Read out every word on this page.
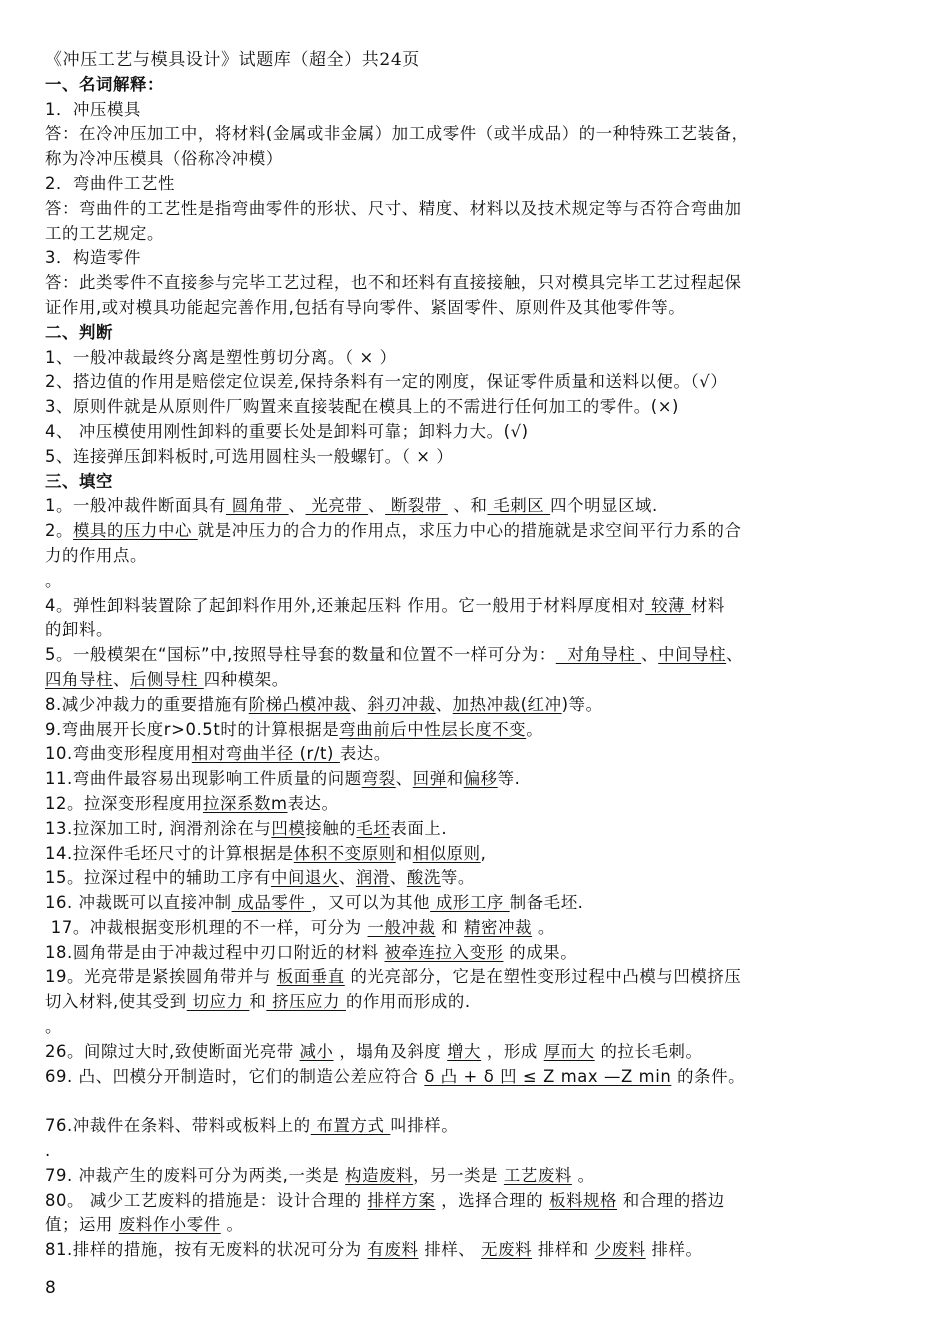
《冲压工艺与模具设计》试题库（超全）共24页
一、名词解释：
1．冲压模具
答：在冷冲压加工中，将材料(金属或非金属）加工成零件（或半成品）的一种特殊工艺装备，
称为冷冲压模具（俗称冷冲模）
2．弯曲件工艺性
答：弯曲件的工艺性是指弯曲零件的形状、尺寸、精度、材料以及技术规定等与否符合弯曲加
工的工艺规定。
3．构造零件
答：此类零件不直接参与完毕工艺过程，也不和坯料有直接接触，只对模具完毕工艺过程起保
证作用,或对模具功能起完善作用,包括有导向零件、紧固零件、原则件及其他零件等。
二、判断
1、一般冲裁最终分离是塑性剪切分离。（ × ）
2、搭边值的作用是赔偿定位误差,保持条料有一定的刚度，保证零件质量和送料以便。（√）
3、原则件就是从原则件厂购置来直接装配在模具上的不需进行任何加工的零件。(×)
4、 冲压模使用刚性卸料的重要长处是卸料可靠；卸料力大。(√)
5、连接弹压卸料板时,可选用圆柱头一般螺钉。（ × ）
三、填空
1。一般冲裁件断面具有 圆角带 、 光亮带 、 断裂带  、和 毛刺区 四个明显区域.
2。模具的压力中心 就是冲压力的合力的作用点，求压力中心的措施就是求空间平行力系的合
力的作用点。
。
4。弹性卸料装置除了起卸料作用外,还兼起压料 作用。它一般用于材料厚度相对 较薄 材料
的卸料。
5。一般模架在“国标”中,按照导柱导套的数量和位置不一样可分为：  对角导柱 、中间导柱、
四角导柱、后侧导柱 四种模架。
8.减少冲裁力的重要措施有阶梯凸模冲裁、斜刃冲裁、加热冲裁(红冲)等。
9.弯曲展开长度r>0.5t时的计算根据是弯曲前后中性层长度不变。
10.弯曲变形程度用相对弯曲半径 (r/t) 表达。
11.弯曲件最容易出现影响工件质量的问题弯裂、回弹和偏移等.
12。拉深变形程度用拉深系数m表达。
13.拉深加工时, 润滑剂涂在与凹模接触的毛坯表面上.
14.拉深件毛坯尺寸的计算根据是体积不变原则和相似原则,
15。拉深过程中的辅助工序有中间退火、润滑、酸洗等。
16. 冲裁既可以直接冲制 成品零件 ，又可以为其他 成形工序 制备毛坯.
17。冲裁根据变形机理的不一样，可分为 一般冲裁 和 精密冲裁 。
18.圆角带是由于冲裁过程中刃口附近的材料 被牵连拉入变形 的成果。
19。光亮带是紧挨圆角带并与 板面垂直 的光亮部分，它是在塑性变形过程中凸模与凹模挤压
切入材料,使其受到 切应力 和 挤压应力 的作用而形成的.
。
26。间隙过大时,致使断面光亮带 减小 ，塌角及斜度 增大 ，形成 厚而大 的拉长毛刺。
69. 凸、凹模分开制造时，它们的制造公差应符合 δ 凸 + δ 凹 ≤ Z max —Z min 的条件。
76.冲裁件在条料、带料或板料上的 布置方式 叫排样。
.
79. 冲裁产生的废料可分为两类,一类是 构造废料，另一类是 工艺废料 。
80。 减少工艺废料的措施是：设计合理的 排样方案 ，选择合理的 板料规格 和合理的搭边
值；运用 废料作小零件 。
81.排样的措施，按有无废料的状况可分为 有废料 排样、 无废料 排样和 少废料 排样。
8
